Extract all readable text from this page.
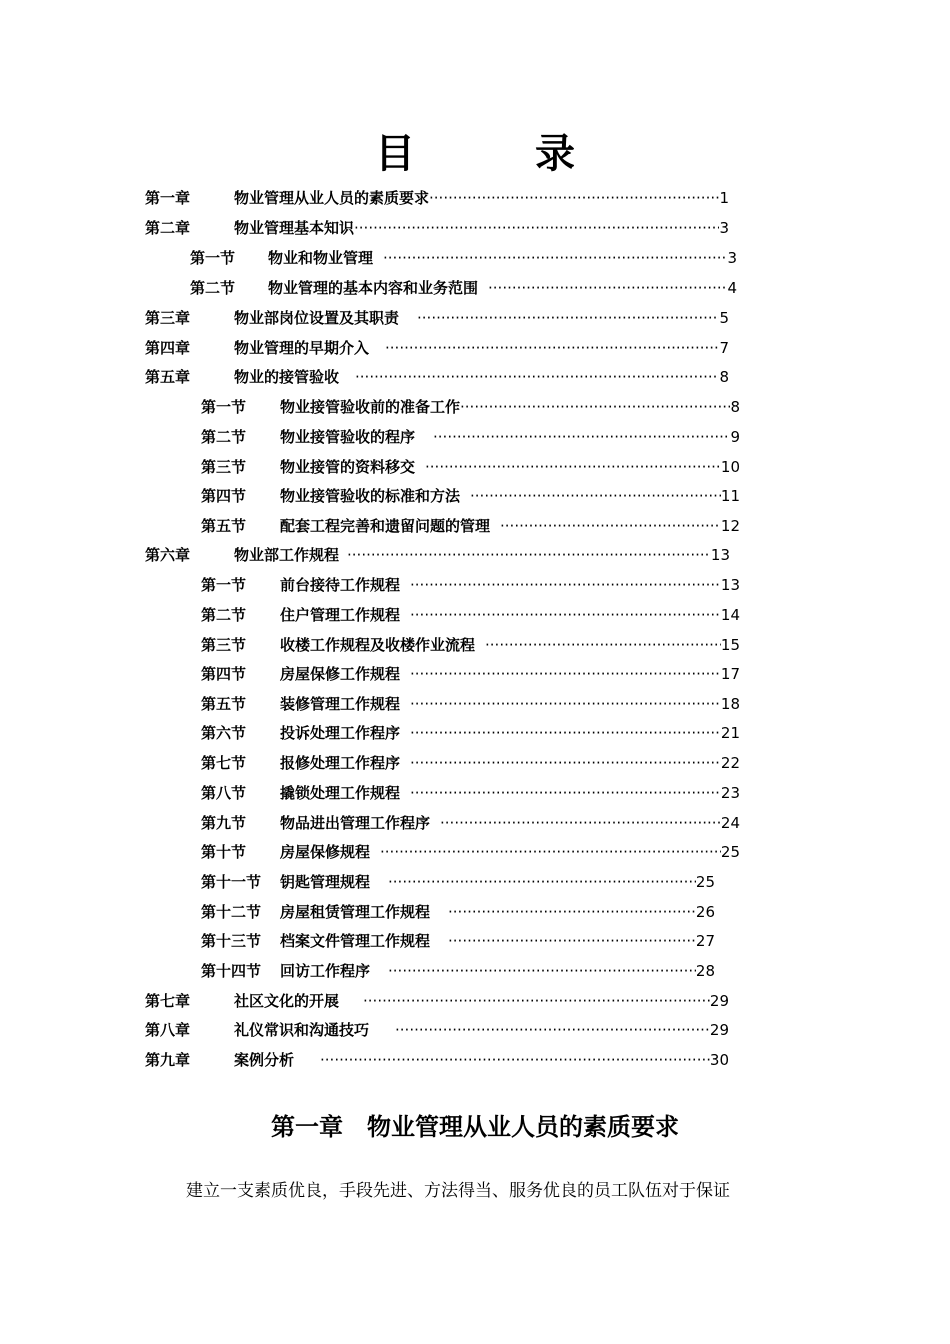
目录
第一章	物业管理从业人员的素质要求 ·····	1
第二章	物业管理基本知识 ·····	3
第一节	物业和物业管理 ·····	3
第二节	物业管理的基本内容和业务范围 ·····	4
第三章	物业部岗位设置及其职责 ·····	5
第四章	物业管理的早期介入 ·····	7
第五章	物业的接管验收 ·····	8
第一节	物业接管验收前的准备工作 ·····	8
第二节	物业接管验收的程序 ·····	9
第三节	物业接管的资料移交 ·····	10
第四节	物业接管验收的标准和方法 ·····	11
第五节	配套工程完善和遗留问题的管理 ·····	12
第六章	物业部工作规程 ·····	13
第一节	前台接待工作规程 ·····	13
第二节	住户管理工作规程 ·····	14
第三节	收楼工作规程及收楼作业流程 ·····	15
第四节	房屋保修工作规程 ·····	17
第五节	装修管理工作规程 ·····	18
第六节	投诉处理工作程序 ·····	21
第七节	报修处理工作程序 ·····	22
第八节	撬锁处理工作规程 ·····	23
第九节	物品进出管理工作程序 ·····	24
第十节	房屋保修规程 ·····	25
第十一节	钥匙管理规程 ·····	25
第十二节	房屋租赁管理工作规程 ·····	26
第十三节	档案文件管理工作规程 ·····	27
第十四节	回访工作程序 ·····	28
第七章	社区文化的开展 ·····	29
第八章	礼仪常识和沟通技巧 ·····	29
第九章	案例分析 ·····	30
第一章 物业管理从业人员的素质要求
建立一支素质优良，手段先进、方法得当、服务优良的员工队伍对于保证
